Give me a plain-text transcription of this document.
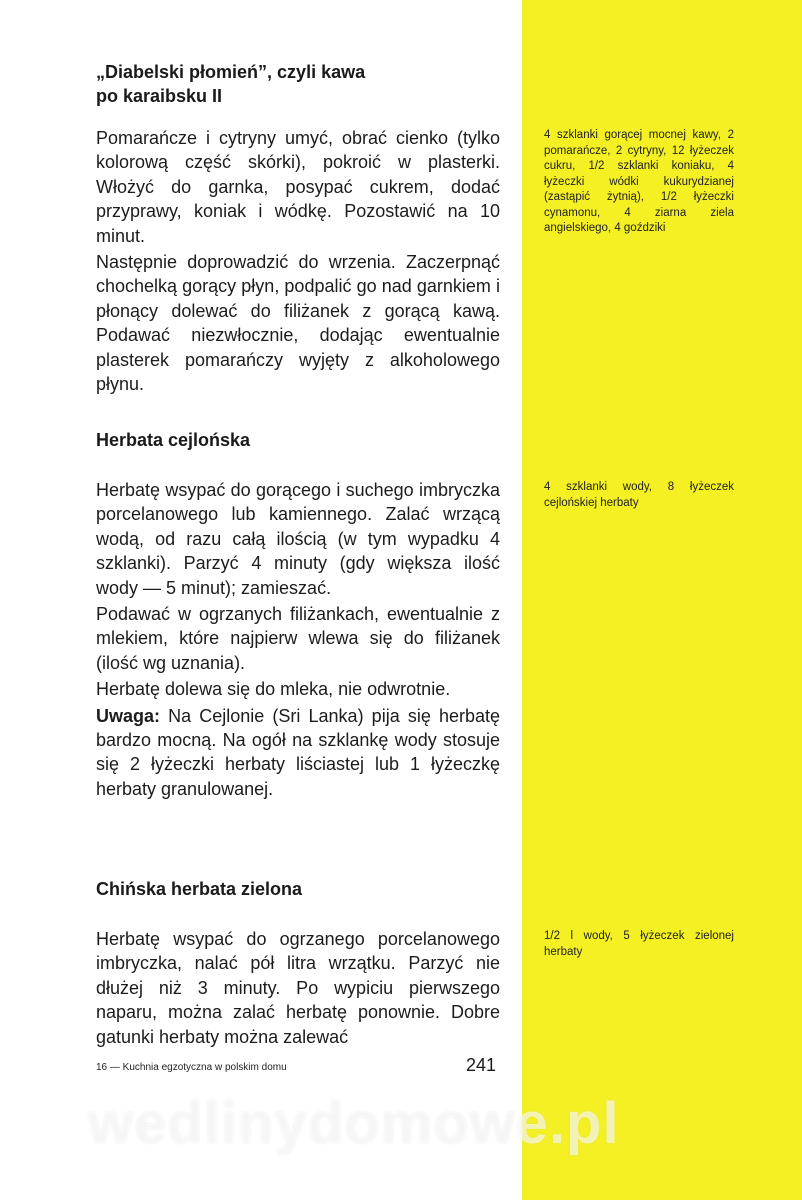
„Diabelski płomień”, czyli kawa
po karaibsku II

Pomarańcze i cytryny umyć, obrać cienko (tylko kolorową część skórki), pokroić w plasterki. Włożyć do garnka, posypać cukrem, dodać przyprawy, koniak i wódkę. Pozostawić na 10 minut.

Następnie doprowadzić do wrzenia. Zaczerpnąć chochelką gorący płyn, podpalić go nad garnkiem i płonący dolewać do filiżanek z gorącą kawą. Podawać niezwłocznie, dodając ewentualnie plasterek pomarańczy wyjęty z alkoholowego płynu.

4 szklanki gorącej mocnej kawy, 2 pomarańcze, 2 cytryny, 12 łyżeczek cukru, 1/2 szklanki koniaku, 4 łyżeczki wódki kukurydzianej (zastąpić żytnią), 1/2 łyżeczki cynamonu, 4 ziarna ziela angielskiego, 4 goździki
Herbata cejlońska

Herbatę wsypać do gorącego i suchego imbryczka porcelanowego lub kamiennego. Zalać wrzącą wodą, od razu całą ilością (w tym wypadku 4 szklanki). Parzyć 4 minuty (gdy większa ilość wody — 5 minut); zamieszać.

Podawać w ogrzanych filiżankach, ewentualnie z mlekiem, które najpierw wlewa się do filiżanek (ilość wg uznania).

Herbatę dolewa się do mleka, nie odwrotnie.

Uwaga: Na Cejlonie (Sri Lanka) pija się herbatę bardzo mocną. Na ogół na szklankę wody stosuje się 2 łyżeczki herbaty liściastej lub 1 łyżeczkę herbaty granulowanej.

4 szklanki wody, 8 łyżeczek cejlońskiej herbaty
Chińska herbata zielona

Herbatę wsypać do ogrzanego porcelanowego imbryczka, nalać pół litra wrzątku. Parzyć nie dłużej niż 3 minuty. Po wypiciu pierwszego naparu, można zalać herbatę ponownie. Dobre gatunki herbaty można zalewać

1/2 l wody, 5 łyżeczek zielonej herbaty
16 — Kuchnia egzotyczna w polskim domu	241
wedlinydomowe.pl
